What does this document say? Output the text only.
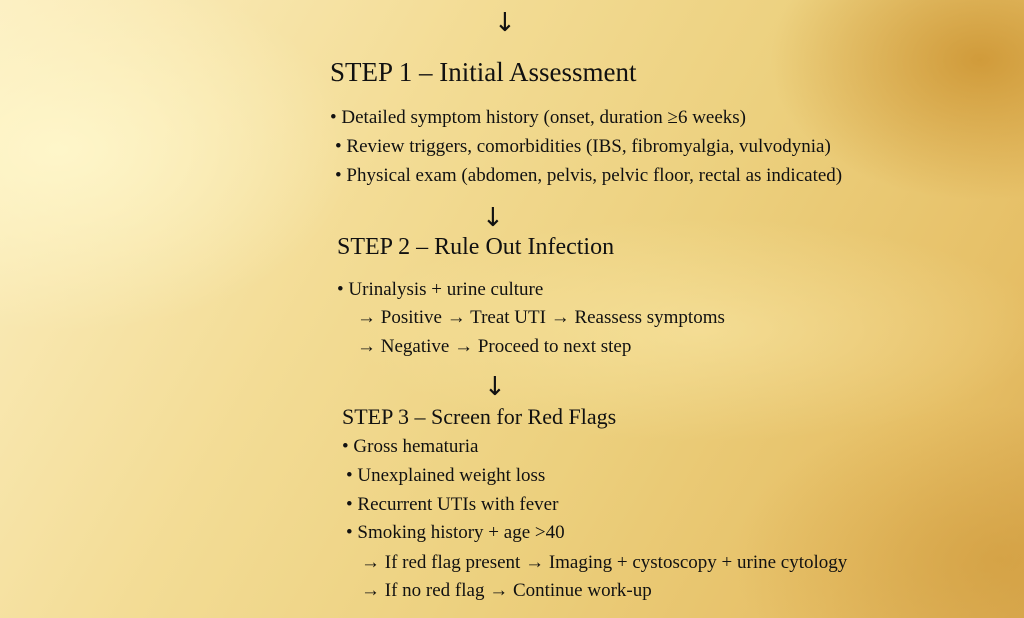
↓
STEP 1 – Initial Assessment
• Detailed symptom history (onset, duration ≥6 weeks)
• Review triggers, comorbidities (IBS, fibromyalgia, vulvodynia)
• Physical exam (abdomen, pelvis, pelvic floor, rectal as indicated)
↓
STEP 2 – Rule Out Infection
• Urinalysis + urine culture
→ Positive → Treat UTI → Reassess symptoms
→ Negative → Proceed to next step
↓
STEP 3 – Screen for Red Flags
• Gross hematuria
• Unexplained weight loss
• Recurrent UTIs with fever
• Smoking history + age >40
→ If red flag present → Imaging + cystoscopy + urine cytology
→ If no red flag → Continue work-up
